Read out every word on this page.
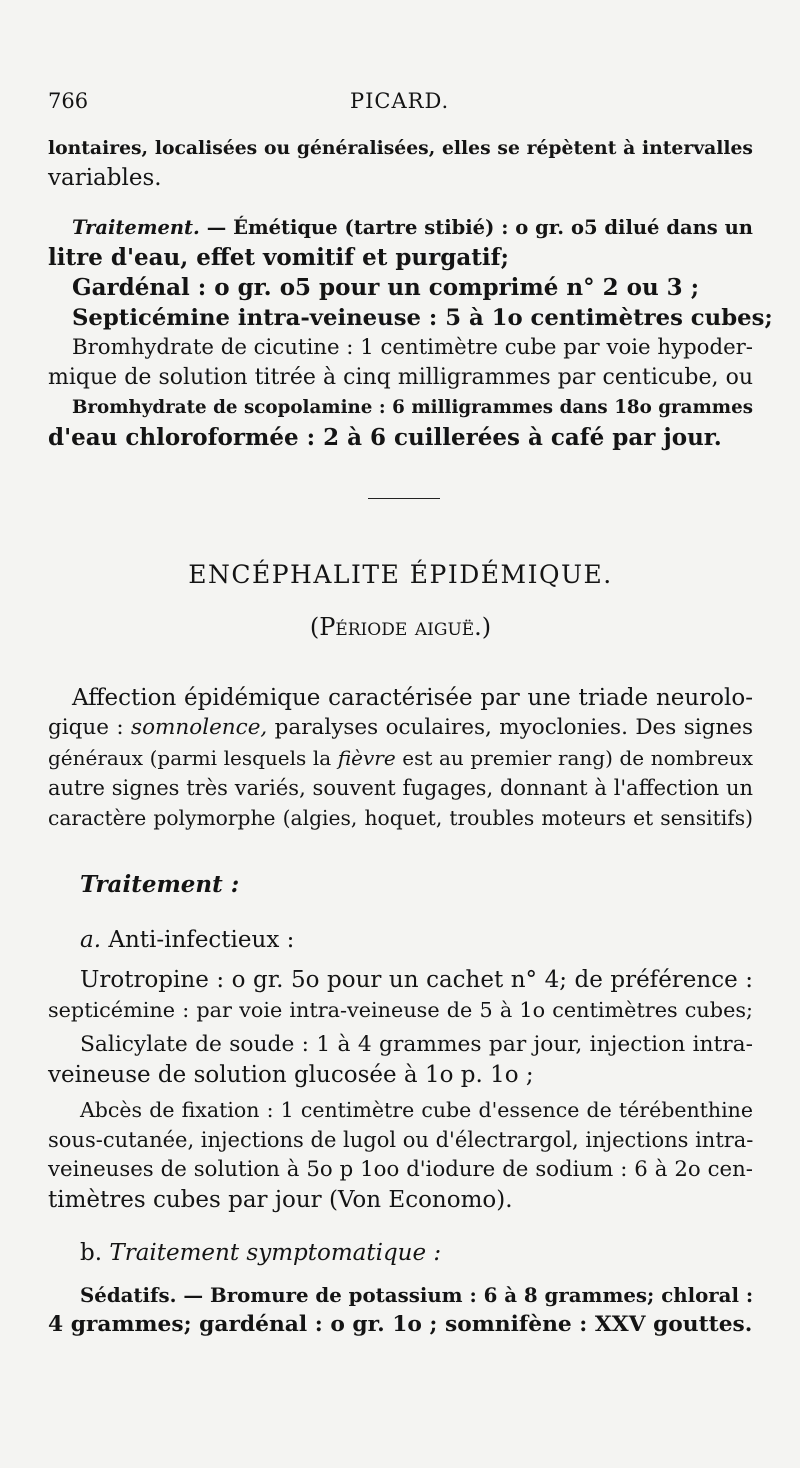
766	PICARD.
lontaires, localisées ou généralisées, elles se répètent à intervalles
variables.
Traitement. — Émétique (tartre stibié) : o gr. o5 dilué dans un
litre d'eau, effet vomitif et purgatif;
Gardénal : o gr. o5 pour un comprimé n° 2 ou 3 ;
Septicémine intra-veineuse : 5 à 1o centimètres cubes;
Bromhydrate de cicutine : 1 centimètre cube par voie hypoder-
mique de solution titrée à cinq milligrammes par centicube, ou
Bromhydrate de scopolamine : 6 milligrammes dans 18o grammes
d'eau chloroformée : 2 à 6 cuillerées à café par jour.
ENCÉPHALITE ÉPIDÉMIQUE.
(Période aiguë.)
Affection épidémique caractérisée par une triade neurolo-
gique : somnolence, paralyses oculaires, myoclonies. Des signes
généraux (parmi lesquels la fièvre est au premier rang) de nombreux
autre signes très variés, souvent fugages, donnant à l'affection un
caractère polymorphe (algies, hoquet, troubles moteurs et sensitifs)
Traitement :
a. Anti-infectieux :
Urotropine : o gr. 5o pour un cachet n° 4; de préférence :
septicémine : par voie intra-veineuse de 5 à 1o centimètres cubes;
Salicylate de soude : 1 à 4 grammes par jour, injection intra-
veineuse de solution glucosée à 1o p. 1o ;
Abcès de fixation : 1 centimètre cube d'essence de térébenthine
sous-cutanée, injections de lugol ou d'électrargol, injections intra-
veineuses de solution à 5o p 1oo d'iodure de sodium : 6 à 2o cen-
timètres cubes par jour (Von Economo).
b. Traitement symptomatique :
Sédatifs. — Bromure de potassium : 6 à 8 grammes; chloral :
4 grammes; gardénal : o gr. 1o ; somnifène : XXV gouttes.
